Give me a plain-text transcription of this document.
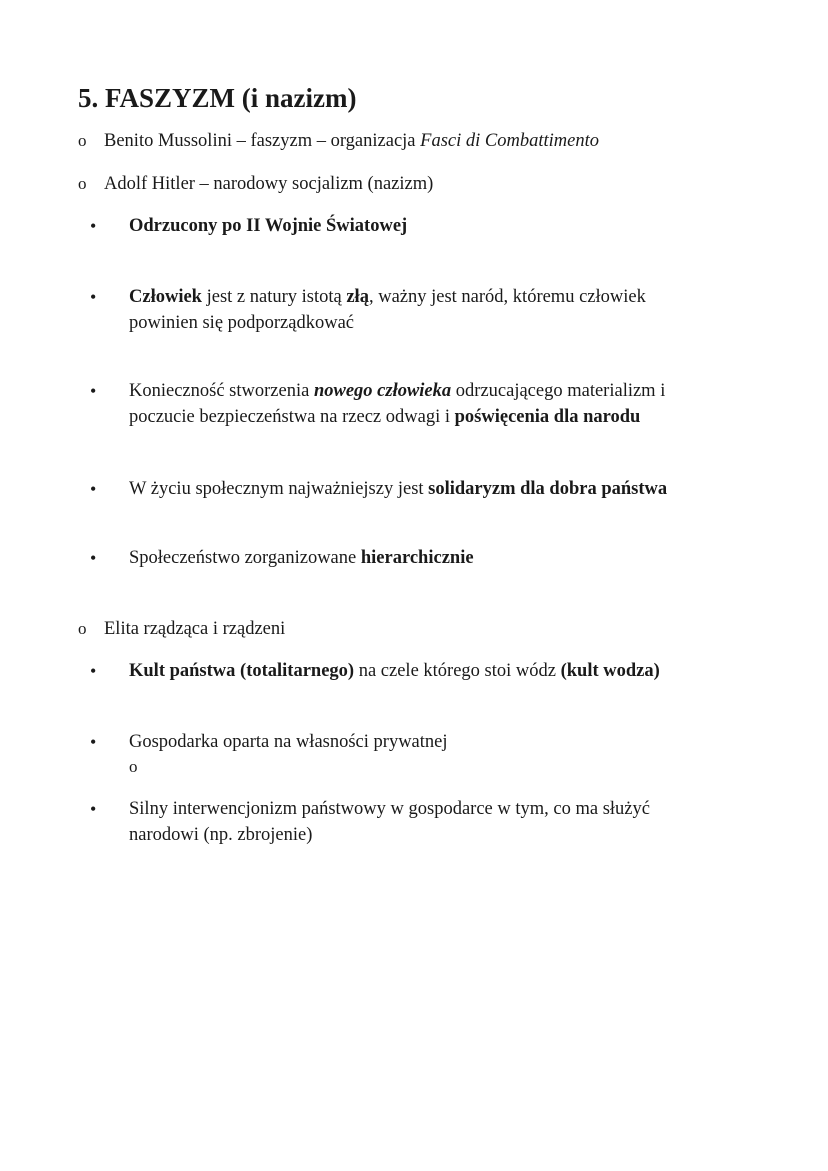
5. FASZYZM (i nazizm)
o Benito Mussolini – faszyzm – organizacja Fasci di Combattimento
o Adolf Hitler – narodowy socjalizm (nazizm)
• Odrzucony po II Wojnie Światowej
• Człowiek jest z natury istotą złą, ważny jest naród, któremu człowiek
powinien się podporządkować
• Konieczność stworzenia nowego człowieka odrzucającego materializm i
poczucie bezpieczeństwa na rzecz odwagi i poświęcenia dla narodu
• W życiu społecznym najważniejszy jest solidaryzm dla dobra państwa
• Społeczeństwo zorganizowane hierarchicznie
o Elita rządząca i rządzeni
• Kult państwa (totalitarnego) na czele którego stoi wódz (kult wodza)
• Gospodarka oparta na własności prywatnej
o
• Silny interwencjonizm państwowy w gospodarce w tym, co ma służyć
narodowi (np. zbrojenie)
